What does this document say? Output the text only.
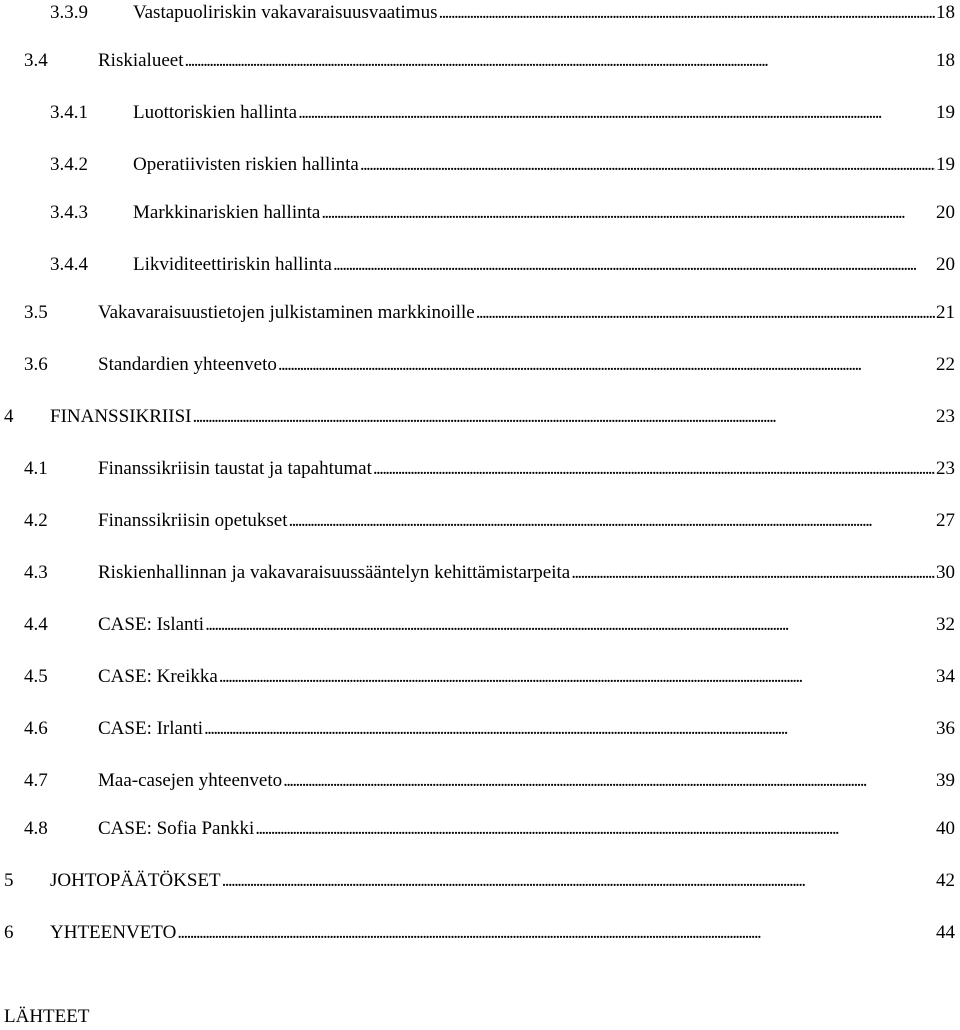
3.3.9	Vastapuoliriskin vakavaraisuusvaatimus . . .	18
3.4	Riskialueet . . .	18
3.4.1	Luottoriskien hallinta . . .	19
3.4.2	Operatiivisten riskien hallinta . . .	19
3.4.3	Markkinariskien hallinta . . .	20
3.4.4	Likviditeettiriskin hallinta . . .	20
3.5	Vakavaraisuustietojen julkistaminen markkinoille . . .	21
3.6	Standardien yhteenveto . . .	22
4	FINANSSIKRIISI . . .	23
4.1	Finanssikriisin taustat ja tapahtumat . . .	23
4.2	Finanssikriisin opetukset . . .	27
4.3	Riskienhallinnan ja vakavaraisuussääntelyn kehittämistarpeita . . .	30
4.4	CASE: Islanti . . .	32
4.5	CASE: Kreikka . . .	34
4.6	CASE: Irlanti . . .	36
4.7	Maa-casejen yhteenveto . . .	39
4.8	CASE: Sofia Pankki . . .	40
5	JOHTOPÄÄTÖKSET . . .	42
6	YHTEENVETO . . .	44
LÄHTEET
